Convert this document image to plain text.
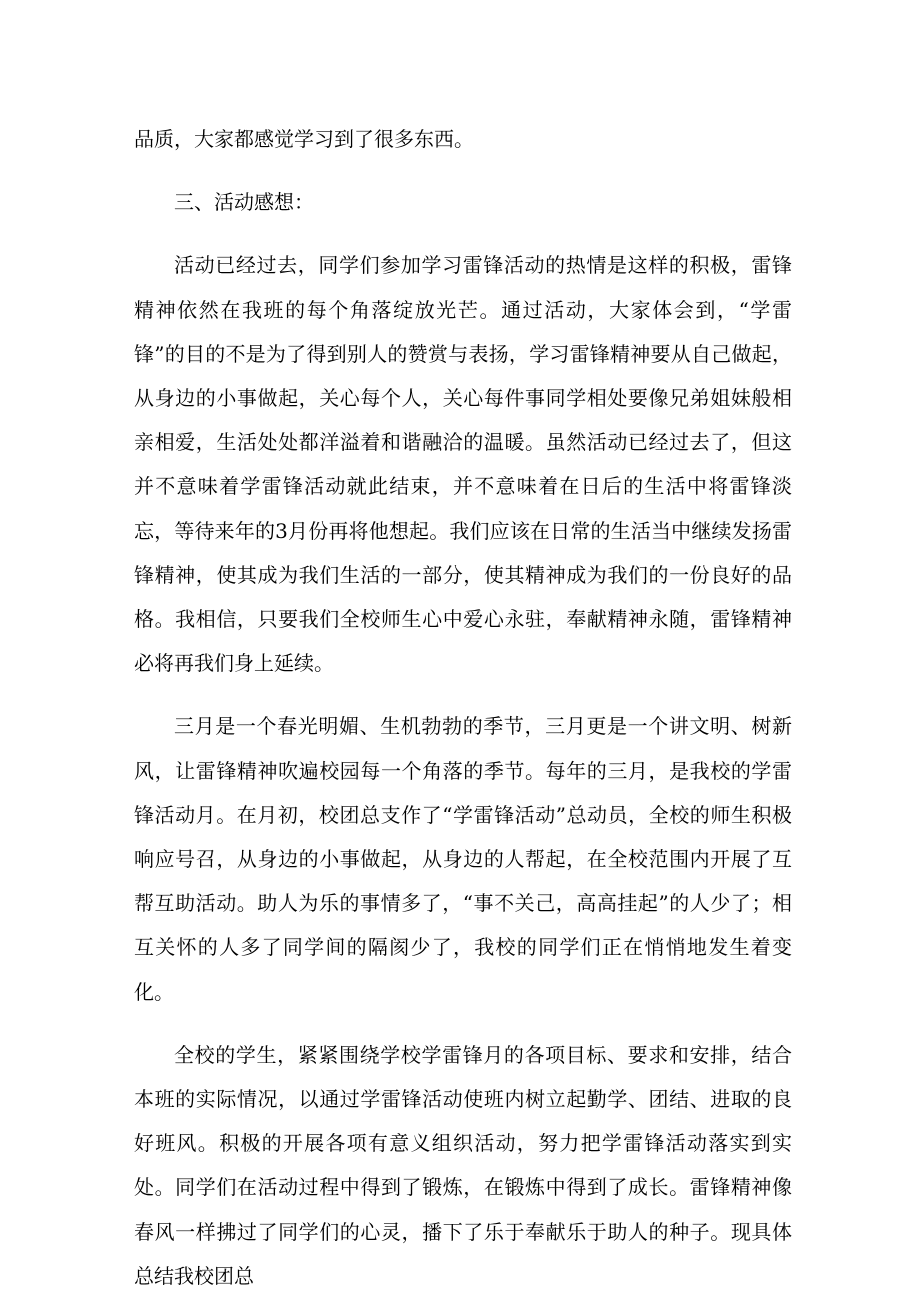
品质，大家都感觉学习到了很多东西。

三、活动感想：

活动已经过去，同学们参加学习雷锋活动的热情是这样的积极，雷锋精神依然在我班的每个角落绽放光芒。通过活动，大家体会到，“学雷锋”的目的不是为了得到别人的赞赏与表扬，学习雷锋精神要从自己做起，从身边的小事做起，关心每个人，关心每件事同学相处要像兄弟姐妹般相亲相爱，生活处处都洋溢着和谐融洽的温暖。虽然活动已经过去了，但这并不意味着学雷锋活动就此结束，并不意味着在日后的生活中将雷锋淡忘，等待来年的3月份再将他想起。我们应该在日常的生活当中继续发扬雷锋精神，使其成为我们生活的一部分，使其精神成为我们的一份良好的品格。我相信，只要我们全校师生心中爱心永驻，奉献精神永随，雷锋精神必将再我们身上延续。

三月是一个春光明媚、生机勃勃的季节，三月更是一个讲文明、树新风，让雷锋精神吹遍校园每一个角落的季节。每年的三月，是我校的学雷锋活动月。在月初，校团总支作了“学雷锋活动”总动员，全校的师生积极响应号召，从身边的小事做起，从身边的人帮起，在全校范围内开展了互帮互助活动。助人为乐的事情多了，“事不关己，高高挂起”的人少了；相互关怀的人多了同学间的隔阂少了，我校的同学们正在悄悄地发生着变化。

全校的学生，紧紧围绕学校学雷锋月的各项目标、要求和安排，结合本班的实际情况，以通过学雷锋活动使班内树立起勤学、团结、进取的良好班风。积极的开展各项有意义组织活动，努力把学雷锋活动落实到实处。同学们在活动过程中得到了锻炼，在锻炼中得到了成长。雷锋精神像春风一样拂过了同学们的心灵，播下了乐于奉献乐于助人的种子。现具体总结我校团总
